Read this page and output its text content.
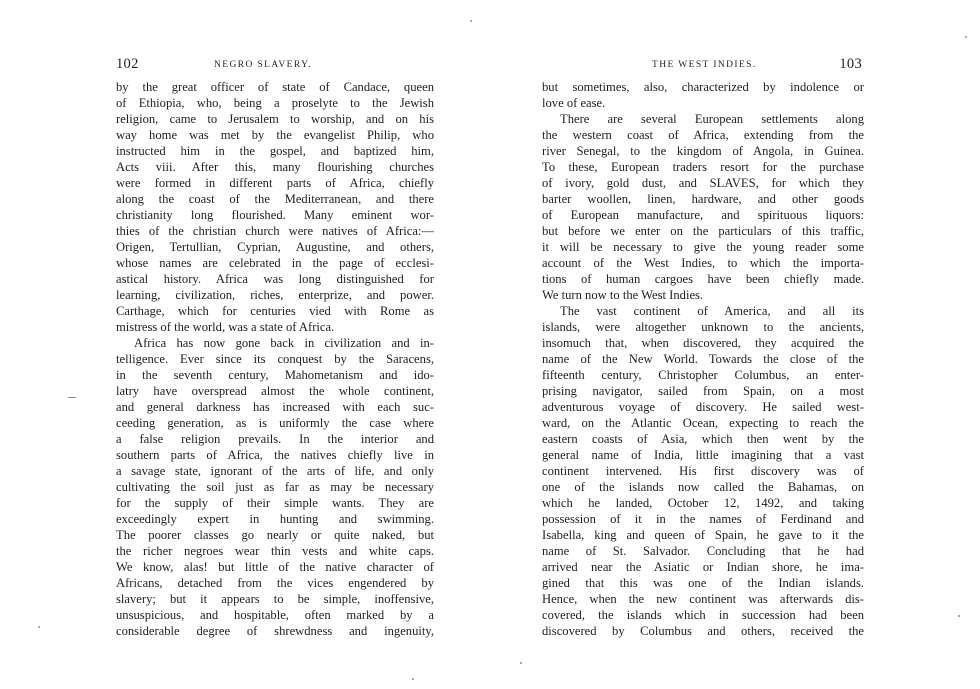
102	NEGRO SLAVERY.
by the great officer of state of Candace, queen
of Ethiopia, who, being a proselyte to the Jewish
religion, came to Jerusalem to worship, and on his
way home was met by the evangelist Philip, who
instructed him in the gospel, and baptized him,
Acts viii. After this, many flourishing churches
were formed in different parts of Africa, chiefly
along the coast of the Mediterranean, and there
christianity long flourished. Many eminent wor-
thies of the christian church were natives of Africa:—
Origen, Tertullian, Cyprian, Augustine, and others,
whose names are celebrated in the page of ecclesi-
astical history. Africa was long distinguished for
learning, civilization, riches, enterprize, and power.
Carthage, which for centuries vied with Rome as
mistress of the world, was a state of Africa.
Africa has now gone back in civilization and in-
telligence. Ever since its conquest by the Saracens,
in the seventh century, Mahometanism and ido-
latry have overspread almost the whole continent,
and general darkness has increased with each suc-
ceeding generation, as is uniformly the case where
a false religion prevails. In the interior and
southern parts of Africa, the natives chiefly live in
a savage state, ignorant of the arts of life, and only
cultivating the soil just as far as may be necessary
for the supply of their simple wants. They are
exceedingly expert in hunting and swimming.
The poorer classes go nearly or quite naked, but
the richer negroes wear thin vests and white caps.
We know, alas! but little of the native character of
Africans, detached from the vices engendered by
slavery; but it appears to be simple, inoffensive,
unsuspicious, and hospitable, often marked by a
considerable degree of shrewdness and ingenuity,
THE WEST INDIES.	103
but sometimes, also, characterized by indolence or
love of ease.
There are several European settlements along
the western coast of Africa, extending from the
river Senegal, to the kingdom of Angola, in Guinea.
To these, European traders resort for the purchase
of ivory, gold dust, and SLAVES, for which they
barter woollen, linen, hardware, and other goods
of European manufacture, and spirituous liquors:
but before we enter on the particulars of this traffic,
it will be necessary to give the young reader some
account of the West Indies, to which the importa-
tions of human cargoes have been chiefly made.
We turn now to the West Indies.
The vast continent of America, and all its
islands, were altogether unknown to the ancients,
insomuch that, when discovered, they acquired the
name of the New World. Towards the close of the
fifteenth century, Christopher Columbus, an enter-
prising navigator, sailed from Spain, on a most
adventurous voyage of discovery. He sailed west-
ward, on the Atlantic Ocean, expecting to reach the
eastern coasts of Asia, which then went by the
general name of India, little imagining that a vast
continent intervened. His first discovery was of
one of the islands now called the Bahamas, on
which he landed, October 12, 1492, and taking
possession of it in the names of Ferdinand and
Isabella, king and queen of Spain, he gave to it the
name of St. Salvador. Concluding that he had
arrived near the Asiatic or Indian shore, he ima-
gined that this was one of the Indian islands.
Hence, when the new continent was afterwards dis-
covered, the islands which in succession had been
discovered by Columbus and others, received the
